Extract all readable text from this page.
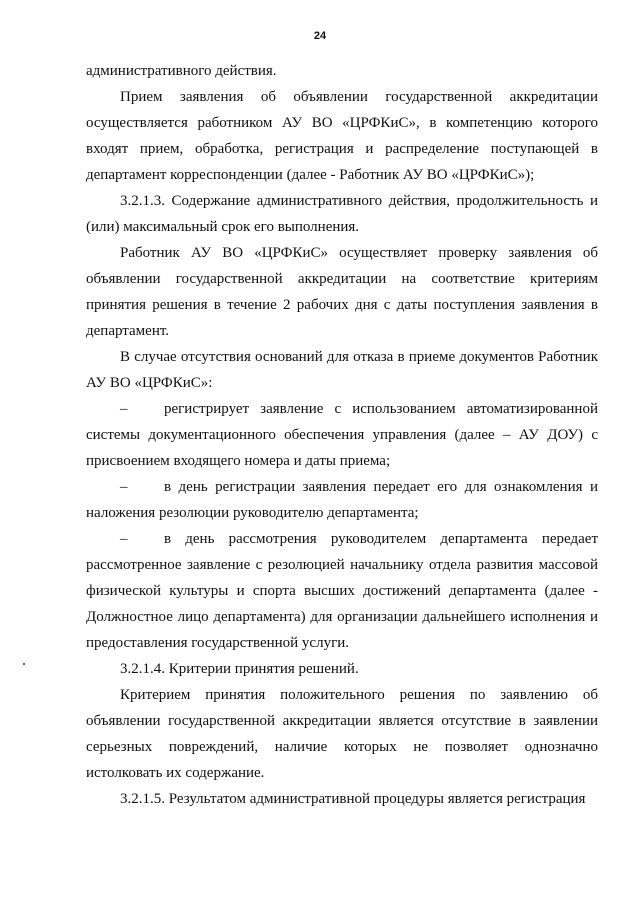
24

административного действия.

Прием заявления об объявлении государственной аккредитации осуществляется работником АУ ВО «ЦРФКиС», в компетенцию которого входят прием, обработка, регистрация и распределение поступающей в департамент корреспонденции (далее - Работник АУ ВО «ЦРФКиС»);

3.2.1.3. Содержание административного действия, продолжительность и (или) максимальный срок его выполнения.

Работник АУ ВО «ЦРФКиС» осуществляет проверку заявления об объявлении государственной аккредитации на соответствие критериям принятия решения в течение 2 рабочих дня с даты поступления заявления в департамент.

В случае отсутствия оснований для отказа в приеме документов Работник АУ ВО «ЦРФКиС»:

– регистрирует заявление с использованием автоматизированной системы документационного обеспечения управления (далее – АУ ДОУ) с присвоением входящего номера и даты приема;

– в день регистрации заявления передает его для ознакомления и наложения резолюции руководителю департамента;

– в день рассмотрения руководителем департамента передает рассмотренное заявление с резолюцией начальнику отдела развития массовой физической культуры и спорта высших достижений департамента (далее - Должностное лицо департамента) для организации дальнейшего исполнения и предоставления государственной услуги.

3.2.1.4. Критерии принятия решений.

Критерием принятия положительного решения по заявлению об объявлении государственной аккредитации является отсутствие в заявлении серьезных повреждений, наличие которых не позволяет однозначно истолковать их содержание.

3.2.1.5. Результатом административной процедуры является регистрация
